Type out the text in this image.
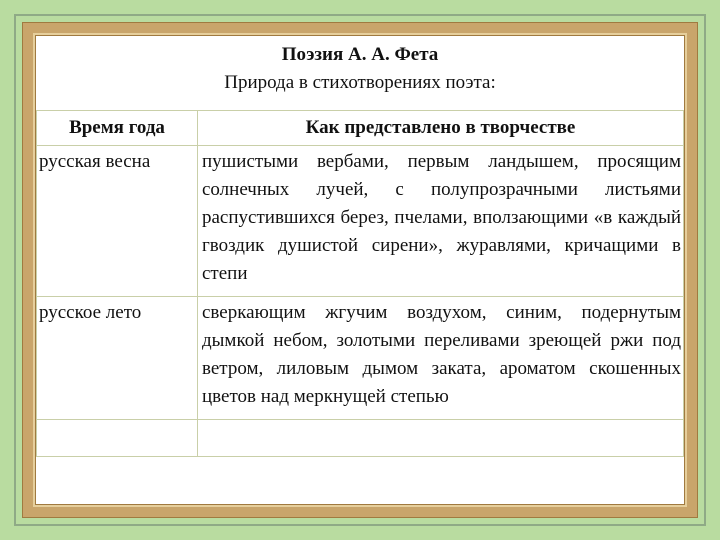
Поэзия А. А. Фета
Природа в стихотворениях поэта:
Время года	Как представлено в творчестве
русская весна	пушистыми вербами, первым ландышем, просящим солнечных лучей, с полупрозрачными листьями распустившихся берез, пчелами, вползающими «в каждый гвоздик душистой сирени», журавлями, кричащими в степи
русское лето	сверкающим жгучим воздухом, синим, подернутым дымкой небом, золотыми переливами зреющей ржи под ветром, лиловым дымом заката, ароматом скошенных цветов над меркнущей степью
